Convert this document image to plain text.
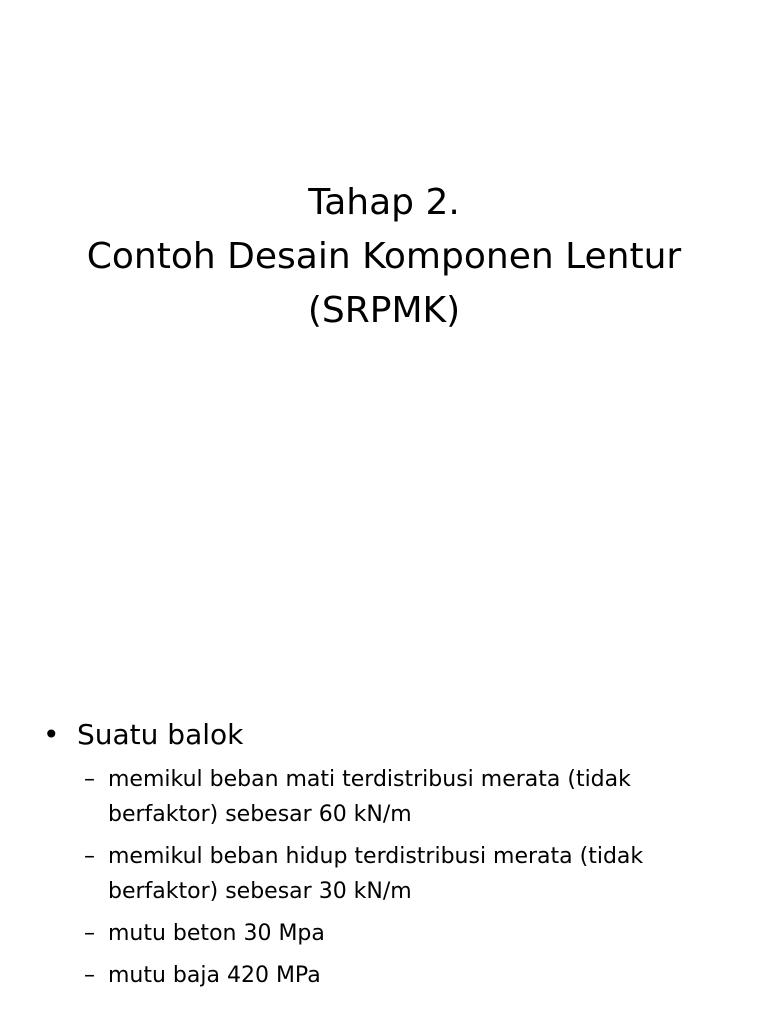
Tahap 2.
Contoh Desain Komponen Lentur
(SRPMK)
• Suatu balok
– memikul beban mati terdistribusi merata (tidak berfaktor) sebesar 60 kN/m
– memikul beban hidup terdistribusi merata (tidak berfaktor) sebesar 30 kN/m
– mutu beton 30 Mpa
– mutu baja 420 MPa
